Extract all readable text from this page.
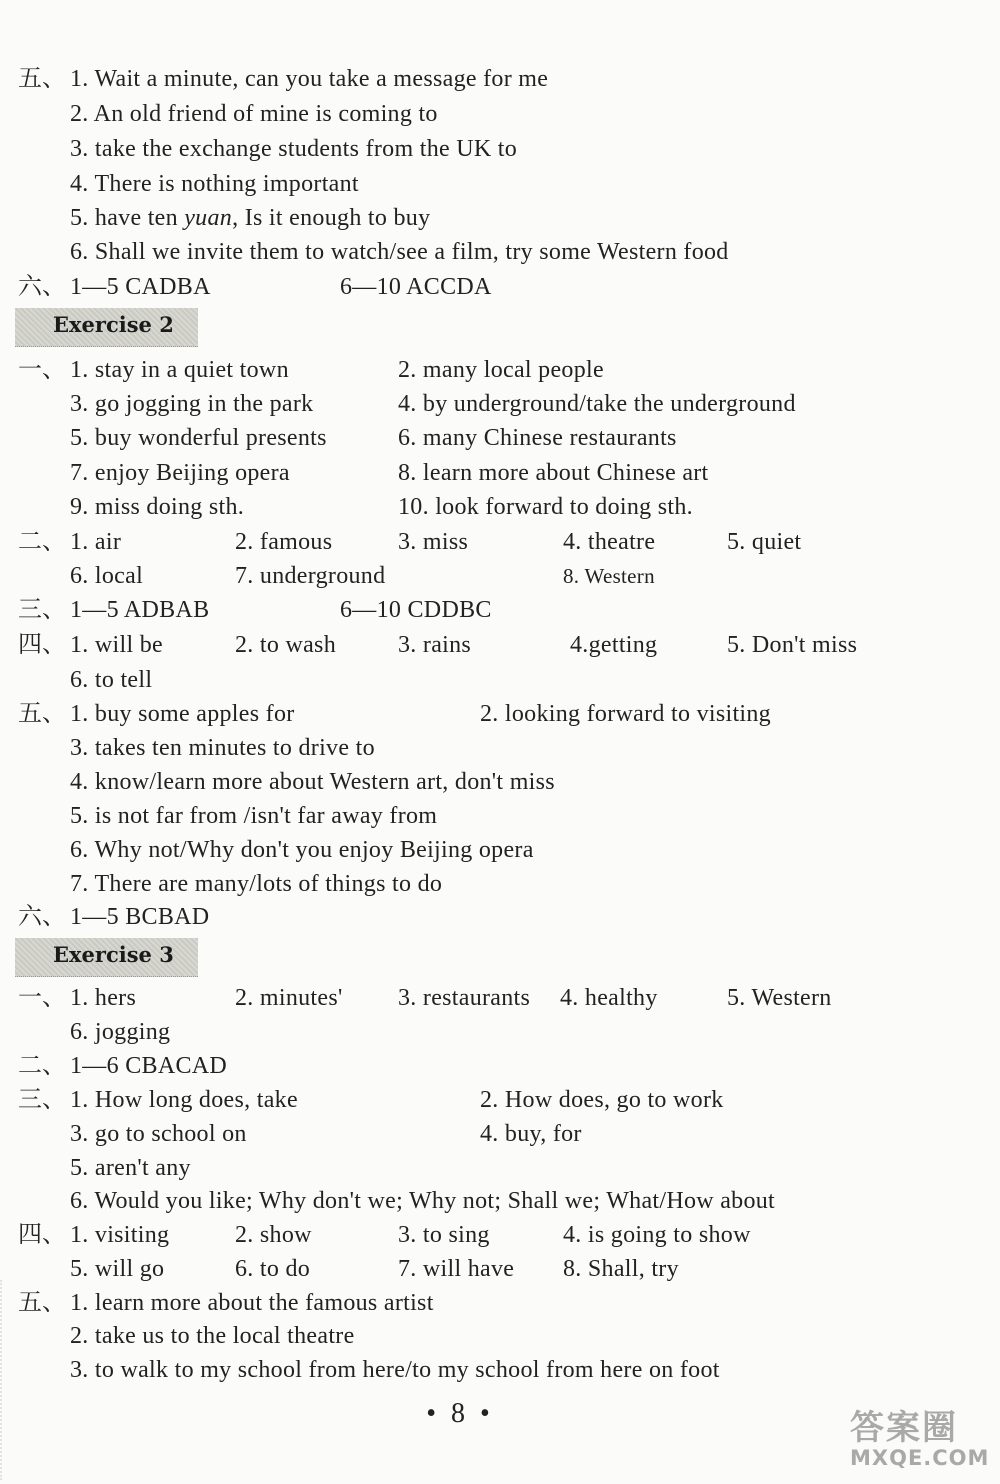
五、 1. Wait a minute, can you take a message for me
2. An old friend of mine is coming to
3. take the exchange students from the UK to
4. There is nothing important
5. have ten yuan, Is it enough to buy
6. Shall we invite them to watch/see a film, try some Western food
六、 1—5 CADBA	6—10 ACCDA
Exercise 2
一、 1. stay in a quiet town	2. many local people
3. go jogging in the park	4. by underground/take the underground
5. buy wonderful presents	6. many Chinese restaurants
7. enjoy Beijing opera	8. learn more about Chinese art
9. miss doing sth.	10. look forward to doing sth.
二、 1. air	2. famous	3. miss	4. theatre	5. quiet
6. local	7. underground	8. Western
三、 1—5 ADBAB	6—10 CDDBC
四、 1. will be	2. to wash	3. rains	4.getting	5. Don't miss
6. to tell
五、 1. buy some apples for	2. looking forward to visiting
3. takes ten minutes to drive to
4. know/learn more about Western art, don't miss
5. is not far from /isn't far away from
6. Why not/Why don't you enjoy Beijing opera
7. There are many/lots of things to do
六、 1—5 BCBAD
Exercise 3
一、 1. hers	2. minutes' 3. restaurants 4. healthy	5. Western
6. jogging
二、 1—6 CBACAD
三、 1. How long does, take	2. How does, go to work
3. go to school on	4. buy, for
5. aren't any
6. Would you like; Why don't we; Why not; Shall we; What/How about
四、 1. visiting	2. show	3. to sing	4. is going to show
5. will go	6. to do	7. will have 8. Shall, try
五、 1. learn more about the famous artist
2. take us to the local theatre
3. to walk to my school from here/to my school from here on foot
• 8 •	答案圈
MXQE.COM
